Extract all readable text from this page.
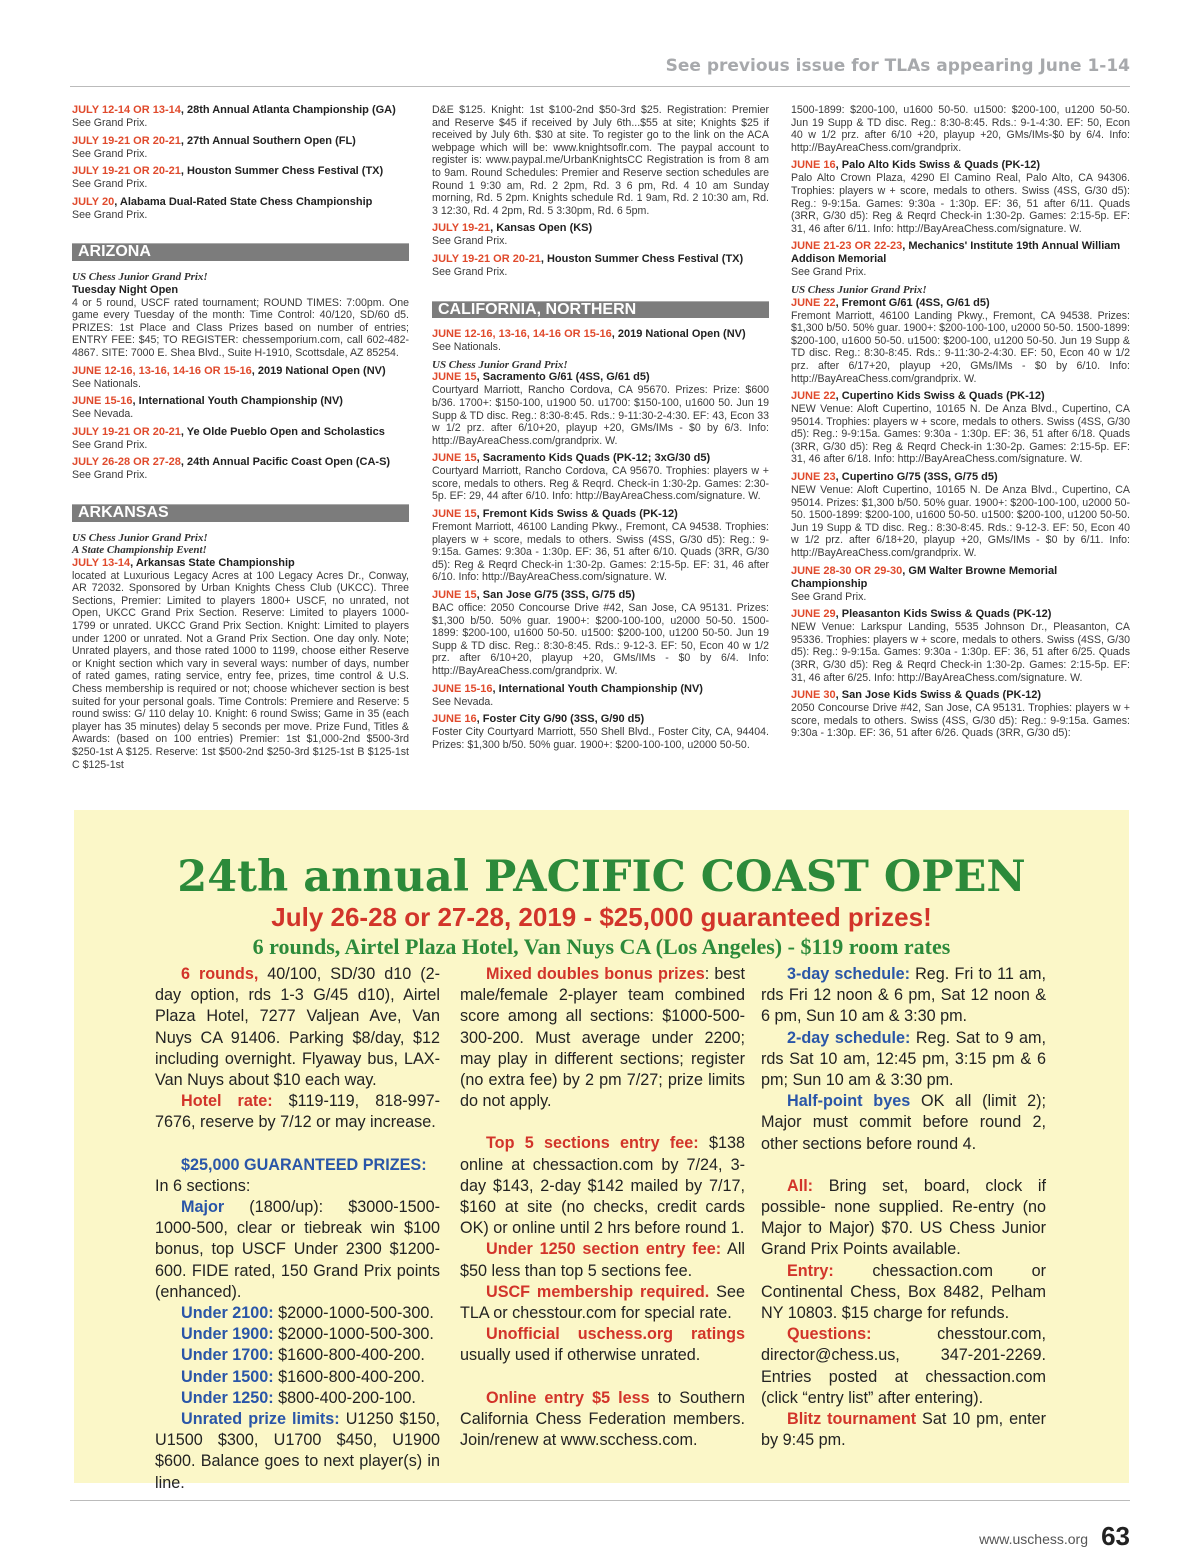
See previous issue for TLAs appearing June 1-14
JULY 12-14 OR 13-14, 28th Annual Atlanta Championship (GA)
See Grand Prix.
JULY 19-21 OR 20-21, 27th Annual Southern Open (FL)
See Grand Prix.
JULY 19-21 OR 20-21, Houston Summer Chess Festival (TX)
See Grand Prix.
JULY 20, Alabama Dual-Rated State Chess Championship
See Grand Prix.
ARIZONA
US Chess Junior Grand Prix!
Tuesday Night Open
4 or 5 round, USCF rated tournament; ROUND TIMES: 7:00pm. One game every Tuesday of the month: Time Control: 40/120, SD/60 d5. PRIZES: 1st Place and Class Prizes based on number of entries; ENTRY FEE: $45; TO REGISTER: chessemporium.com, call 602-482-4867. SITE: 7000 E. Shea Blvd., Suite H-1910, Scottsdale, AZ 85254.
JUNE 12-16, 13-16, 14-16 OR 15-16, 2019 National Open (NV)
See Nationals.
JUNE 15-16, International Youth Championship (NV)
See Nevada.
JULY 19-21 OR 20-21, Ye Olde Pueblo Open and Scholastics
See Grand Prix.
JULY 26-28 OR 27-28, 24th Annual Pacific Coast Open (CA-S)
See Grand Prix.
ARKANSAS
US Chess Junior Grand Prix!
A State Championship Event!
JULY 13-14, Arkansas State Championship
located at Luxurious Legacy Acres at 100 Legacy Acres Dr., Conway, AR 72032. Sponsored by Urban Knights Chess Club (UKCC). Three Sections, Premier: Limited to players 1800+ USCF, no unrated, not Open, UKCC Grand Prix Section. Reserve: Limited to players 1000-1799 or unrated. UKCC Grand Prix Section. Knight: Limited to players under 1200 or unrated. Not a Grand Prix Section. One day only. Note; Unrated players, and those rated 1000 to 1199, choose either Reserve or Knight section which vary in several ways: number of days, number of rated games, rating service, entry fee, prizes, time control & U.S. Chess membership is required or not; choose whichever section is best suited for your personal goals. Time Controls: Premiere and Reserve: 5 round swiss: G/ 110 delay 10. Knight: 6 round Swiss; Game in 35 (each player has 35 minutes) delay 5 seconds per move. Prize Fund, Titles & Awards: (based on 100 entries) Premier: 1st $1,000-2nd $500-3rd $250-1st A $125. Reserve: 1st $500-2nd $250-3rd $125-1st B $125-1st C $125-1st
D&E $125. Knight: 1st $100-2nd $50-3rd $25. Registration: Premier and Reserve $45 if received by July 6th...$55 at site; Knights $25 if received by July 6th. $30 at site. To register go to the link on the ACA webpage which will be: www.knightsoflr.com. The paypal account to register is: www.paypal.me/UrbanKnightsCC Registration is from 8 am to 9am. Round Schedules: Premier and Reserve section schedules are Round 1 9:30 am, Rd. 2 2pm, Rd. 3 6 pm, Rd. 4 10 am Sunday morning, Rd. 5 2pm. Knights schedule Rd. 1 9am, Rd. 2 10:30 am, Rd. 3 12:30, Rd. 4 2pm, Rd. 5 3:30pm, Rd. 6 5pm.
JULY 19-21, Kansas Open (KS)
See Grand Prix.
JULY 19-21 OR 20-21, Houston Summer Chess Festival (TX)
See Grand Prix.
CALIFORNIA, NORTHERN
JUNE 12-16, 13-16, 14-16 OR 15-16, 2019 National Open (NV)
See Nationals.
US Chess Junior Grand Prix!
JUNE 15, Sacramento G/61 (4SS, G/61 d5)
Courtyard Marriott, Rancho Cordova, CA 95670. Prizes: Prize: $600 b/36. 1700+: $150-100, u1900 50. u1700: $150-100, u1600 50. Jun 19 Supp & TD disc. Reg.: 8:30-8:45. Rds.: 9-11:30-2-4:30. EF: 43, Econ 33 w 1/2 prz. after 6/10+20, playup +20, GMs/IMs - $0 by 6/3. Info: http://BayAreaChess.com/grandprix. W.
JUNE 15, Sacramento Kids Quads (PK-12; 3xG/30 d5)
Courtyard Marriott, Rancho Cordova, CA 95670. Trophies: players w + score, medals to others. Reg & Reqrd. Check-in 1:30-2p. Games: 2:30-5p. EF: 29, 44 after 6/10. Info: http://BayAreaChess.com/signature. W.
JUNE 15, Fremont Kids Swiss & Quads (PK-12)
Fremont Marriott, 46100 Landing Pkwy., Fremont, CA 94538. Trophies: players w + score, medals to others. Swiss (4SS, G/30 d5): Reg.: 9-9:15a. Games: 9:30a - 1:30p. EF: 36, 51 after 6/10. Quads (3RR, G/30 d5): Reg & Reqrd Check-in 1:30-2p. Games: 2:15-5p. EF: 31, 46 after 6/10. Info: http://BayAreaChess.com/signature. W.
JUNE 15, San Jose G/75 (3SS, G/75 d5)
BAC office: 2050 Concourse Drive #42, San Jose, CA 95131. Prizes: $1,300 b/50. 50% guar. 1900+: $200-100-100, u2000 50-50. 1500-1899: $200-100, u1600 50-50. u1500: $200-100, u1200 50-50. Jun 19 Supp & TD disc. Reg.: 8:30-8:45. Rds.: 9-12-3. EF: 50, Econ 40 w 1/2 prz. after 6/10+20, playup +20, GMs/IMs - $0 by 6/4. Info: http://BayAreaChess.com/grandprix. W.
JUNE 15-16, International Youth Championship (NV)
See Nevada.
JUNE 16, Foster City G/90 (3SS, G/90 d5)
Foster City Courtyard Marriott, 550 Shell Blvd., Foster City, CA, 94404. Prizes: $1,300 b/50. 50% guar. 1900+: $200-100-100, u2000 50-50.
1500-1899: $200-100, u1600 50-50. u1500: $200-100, u1200 50-50. Jun 19 Supp & TD disc. Reg.: 8:30-8:45. Rds.: 9-1-4:30. EF: 50, Econ 40 w 1/2 prz. after 6/10 +20, playup +20, GMs/IMs-$0 by 6/4. Info: http://BayAreaChess.com/grandprix.
JUNE 16, Palo Alto Kids Swiss & Quads (PK-12)
Palo Alto Crown Plaza, 4290 El Camino Real, Palo Alto, CA 94306. Trophies: players w + score, medals to others. Swiss (4SS, G/30 d5): Reg.: 9-9:15a. Games: 9:30a - 1:30p. EF: 36, 51 after 6/11. Quads (3RR, G/30 d5): Reg & Reqrd Check-in 1:30-2p. Games: 2:15-5p. EF: 31, 46 after 6/11. Info: http://BayAreaChess.com/signature. W.
JUNE 21-23 OR 22-23, Mechanics' Institute 19th Annual William Addison Memorial
See Grand Prix.
US Chess Junior Grand Prix!
JUNE 22, Fremont G/61 (4SS, G/61 d5)
Fremont Marriott, 46100 Landing Pkwy., Fremont, CA 94538. Prizes: $1,300 b/50. 50% guar. 1900+: $200-100-100, u2000 50-50. 1500-1899: $200-100, u1600 50-50. u1500: $200-100, u1200 50-50. Jun 19 Supp & TD disc. Reg.: 8:30-8:45. Rds.: 9-11:30-2-4:30. EF: 50, Econ 40 w 1/2 prz. after 6/17+20, playup +20, GMs/IMs - $0 by 6/10. Info: http://BayAreaChess.com/grandprix. W.
JUNE 22, Cupertino Kids Swiss & Quads (PK-12)
NEW Venue: Aloft Cupertino, 10165 N. De Anza Blvd., Cupertino, CA 95014. Trophies: players w + score, medals to others. Swiss (4SS, G/30 d5): Reg.: 9-9:15a. Games: 9:30a - 1:30p. EF: 36, 51 after 6/18. Quads (3RR, G/30 d5): Reg & Reqrd Check-in 1:30-2p. Games: 2:15-5p. EF: 31, 46 after 6/18. Info: http://BayAreaChess.com/signature. W.
JUNE 23, Cupertino G/75 (3SS, G/75 d5)
NEW Venue: Aloft Cupertino, 10165 N. De Anza Blvd., Cupertino, CA 95014. Prizes: $1,300 b/50. 50% guar. 1900+: $200-100-100, u2000 50-50. 1500-1899: $200-100, u1600 50-50. u1500: $200-100, u1200 50-50. Jun 19 Supp & TD disc. Reg.: 8:30-8:45. Rds.: 9-12-3. EF: 50, Econ 40 w 1/2 prz. after 6/18+20, playup +20, GMs/IMs - $0 by 6/11. Info: http://BayAreaChess.com/grandprix. W.
JUNE 28-30 OR 29-30, GM Walter Browne Memorial Championship
See Grand Prix.
JUNE 29, Pleasanton Kids Swiss & Quads (PK-12)
NEW Venue: Larkspur Landing, 5535 Johnson Dr., Pleasanton, CA 95336. Trophies: players w + score, medals to others. Swiss (4SS, G/30 d5): Reg.: 9-9:15a. Games: 9:30a - 1:30p. EF: 36, 51 after 6/25. Quads (3RR, G/30 d5): Reg & Reqrd Check-in 1:30-2p. Games: 2:15-5p. EF: 31, 46 after 6/25. Info: http://BayAreaChess.com/signature. W.
JUNE 30, San Jose Kids Swiss & Quads (PK-12)
2050 Concourse Drive #42, San Jose, CA 95131. Trophies: players w + score, medals to others. Swiss (4SS, G/30 d5): Reg.: 9-9:15a. Games: 9:30a - 1:30p. EF: 36, 51 after 6/26. Quads (3RR, G/30 d5):
24th annual PACIFIC COAST OPEN
July 26-28 or 27-28, 2019 - $25,000 guaranteed prizes!
6 rounds, Airtel Plaza Hotel, Van Nuys CA (Los Angeles) - $119 room rates

6 rounds, 40/100, SD/30 d10 (2-day option, rds 1-3 G/45 d10), Airtel Plaza Hotel, 7277 Valjean Ave, Van Nuys CA 91406. Parking $8/day, $12 including overnight. Flyaway bus, LAX-Van Nuys about $10 each way.

Hotel rate: $119-119, 818-997-7676, reserve by 7/12 or may increase.

$25,000 GUARANTEED PRIZES:

In 6 sections:

Major (1800/up): $3000-1500-1000-500, clear or tiebreak win $100 bonus, top USCF Under 2300 $1200-600. FIDE rated, 150 Grand Prix points (enhanced).

Under 2100: $2000-1000-500-300.

Under 1900: $2000-1000-500-300.

Under 1700: $1600-800-400-200.

Under 1500: $1600-800-400-200.

Under 1250: $800-400-200-100.

Unrated prize limits: U1250 $150, U1500 $300, U1700 $450, U1900 $600. Balance goes to next player(s) in line.

Mixed doubles bonus prizes: best male/female 2-player team combined score among all sections: $1000-500-300-200. Must average under 2200; may play in different sections; register (no extra fee) by 2 pm 7/27; prize limits do not apply.

Top 5 sections entry fee: $138 online at chessaction.com by 7/24, 3-day $143, 2-day $142 mailed by 7/17, $160 at site (no checks, credit cards OK) or online until 2 hrs before round 1.

Under 1250 section entry fee: All $50 less than top 5 sections fee.

USCF membership required. See TLA or chesstour.com for special rate.

Unofficial uschess.org ratings usually used if otherwise unrated.

Online entry $5 less to Southern California Chess Federation members. Join/renew at www.scchess.com.

3-day schedule: Reg. Fri to 11 am, rds Fri 12 noon & 6 pm, Sat 12 noon & 6 pm, Sun 10 am & 3:30 pm.

2-day schedule: Reg. Sat to 9 am, rds Sat 10 am, 12:45 pm, 3:15 pm & 6 pm; Sun 10 am & 3:30 pm.

Half-point byes OK all (limit 2); Major must commit before round 2, other sections before round 4.

All: Bring set, board, clock if possible- none supplied. Re-entry (no Major to Major) $70. US Chess Junior Grand Prix Points available.

Entry: chessaction.com or Continental Chess, Box 8482, Pelham NY 10803. $15 charge for refunds.

Questions: chesstour.com, director@chess.us, 347-201-2269. Entries posted at chessaction.com (click “entry list” after entering).

Blitz tournament Sat 10 pm, enter by 9:45 pm.

www.uschess.org 63
